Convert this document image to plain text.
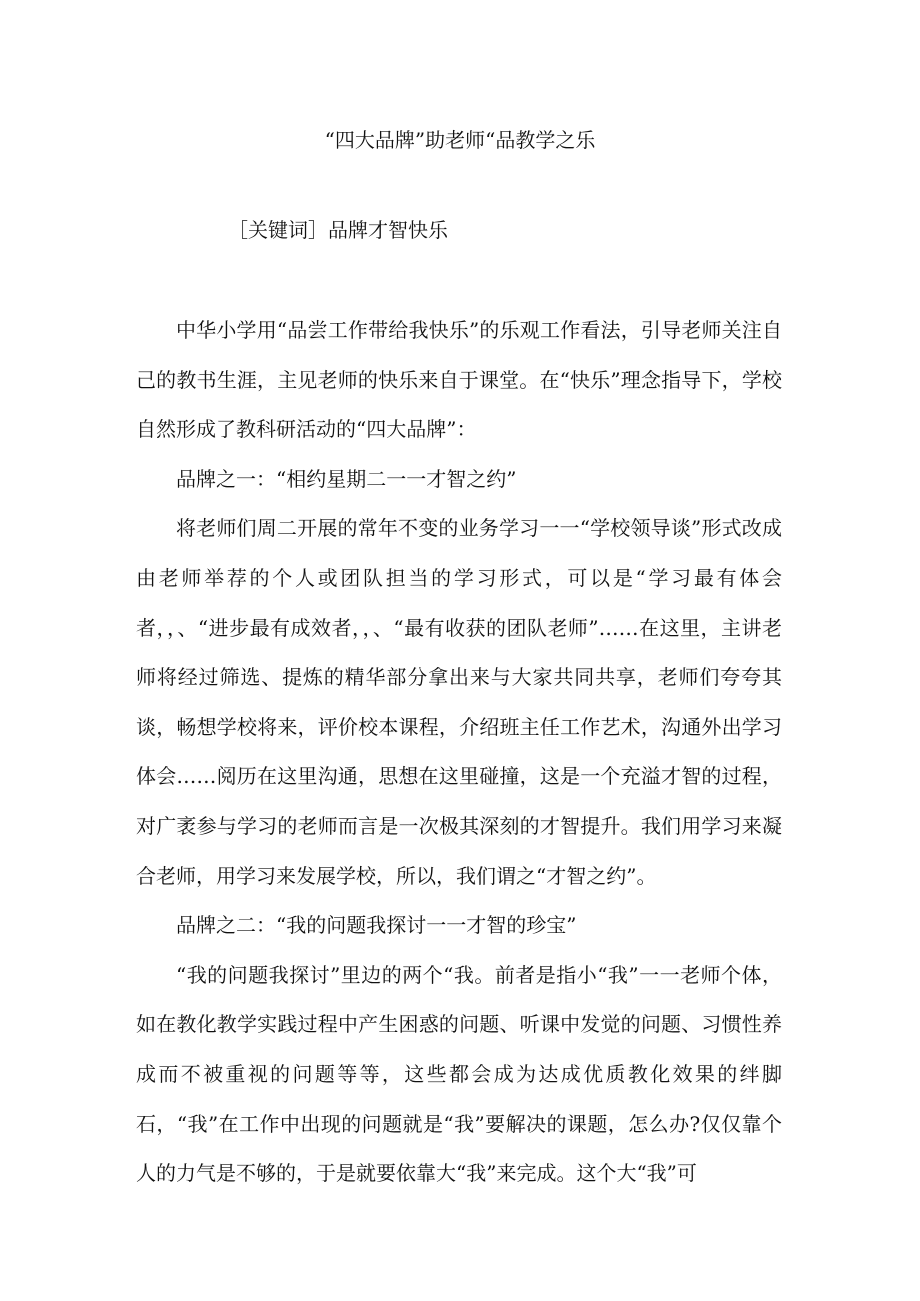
“四大品牌”助老师“品教学之乐
［关键词］品牌才智快乐

中华小学用“品尝工作带给我快乐”的乐观工作看法，引导老师关注自己的教书生涯，主见老师的快乐来自于课堂。在“快乐”理念指导下，学校自然形成了教科研活动的“四大品牌”：

品牌之一：“相约星期二一一才智之约”

将老师们周二开展的常年不变的业务学习一一“学校领导谈”形式改成由老师举荐的个人或团队担当的学习形式，可以是“学习最有体会者，，、“进步最有成效者，，、“最有收获的团队老师”……在这里，主讲老师将经过筛选、提炼的精华部分拿出来与大家共同共享，老师们夸夸其谈，畅想学校将来，评价校本课程，介绍班主任工作艺术，沟通外出学习体会……阅历在这里沟通，思想在这里碰撞，这是一个充溢才智的过程，对广袤参与学习的老师而言是一次极其深刻的才智提升。我们用学习来凝合老师，用学习来发展学校，所以，我们谓之“才智之约”。

品牌之二：“我的问题我探讨一一才智的珍宝”

“我的问题我探讨”里边的两个“我。前者是指小“我”一一老师个体，如在教化教学实践过程中产生困惑的问题、听课中发觉的问题、习惯性养成而不被重视的问题等等，这些都会成为达成优质教化效果的绊脚石，“我”在工作中出现的问题就是“我”要解决的课题，怎么办?仅仅靠个人的力气是不够的，于是就要依靠大“我”来完成。这个大“我”可
